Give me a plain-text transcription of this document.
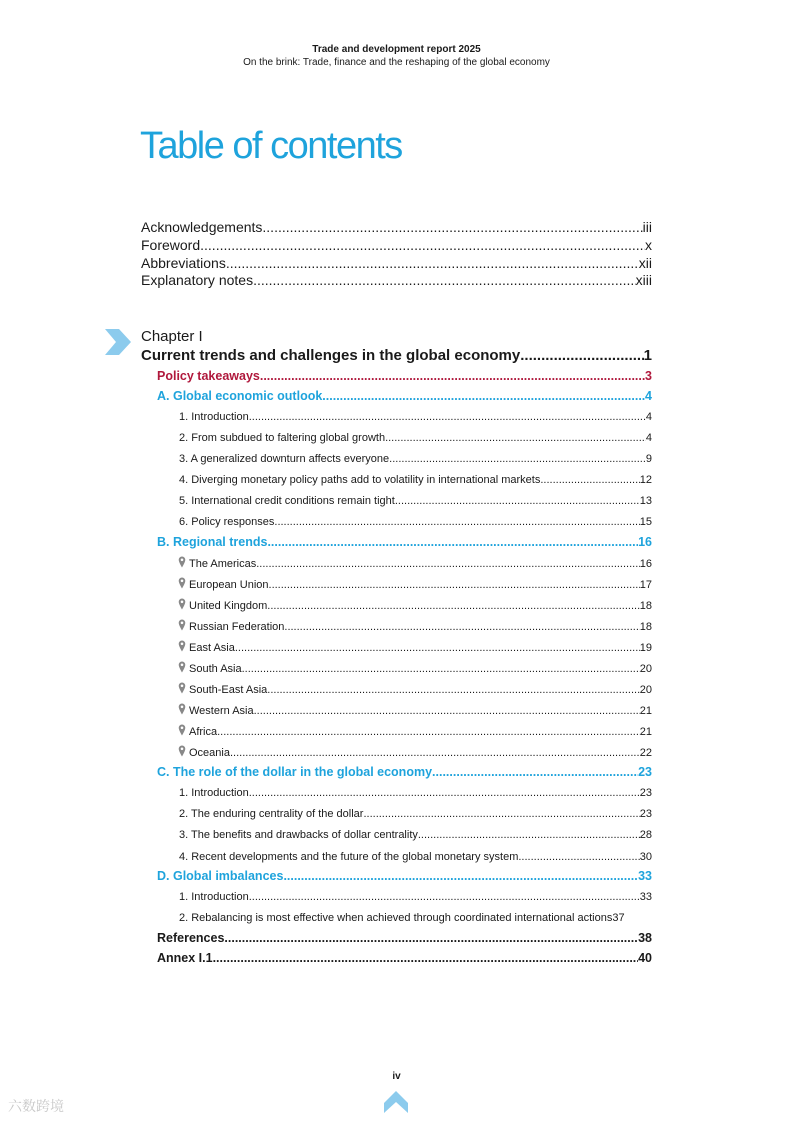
Trade and development report 2025
On the brink: Trade, finance and the reshaping of the global economy
Table of contents
Acknowledgements .....	iii
Foreword .....	x
Abbreviations .....	xii
Explanatory notes .....	xiii
Chapter I
Current trends and challenges in the global economy .....	1
Policy takeaways .....	3
A. Global economic outlook .....	4
1. Introduction .....	4
2. From subdued to faltering global growth .....	4
3. A generalized downturn affects everyone .....	9
4. Diverging monetary policy paths add to volatility in international markets .....	12
5. International credit conditions remain tight .....	13
6. Policy responses .....	15
B. Regional trends .....	16
The Americas .....	16
European Union .....	17
United Kingdom .....	18
Russian Federation .....	18
East Asia .....	19
South Asia .....	20
South-East Asia .....	20
Western Asia .....	21
Africa .....	21
Oceania .....	22
C. The role of the dollar in the global economy .....	23
1. Introduction .....	23
2. The enduring centrality of the dollar .....	23
3. The benefits and drawbacks of dollar centrality .....	28
4. Recent developments and the future of the global monetary system .....	30
D. Global imbalances .....	33
1. Introduction .....	33
2. Rebalancing is most effective when achieved through coordinated international actions 37
References .....	38
Annex I.1 .....	40
iv
六数跨境
